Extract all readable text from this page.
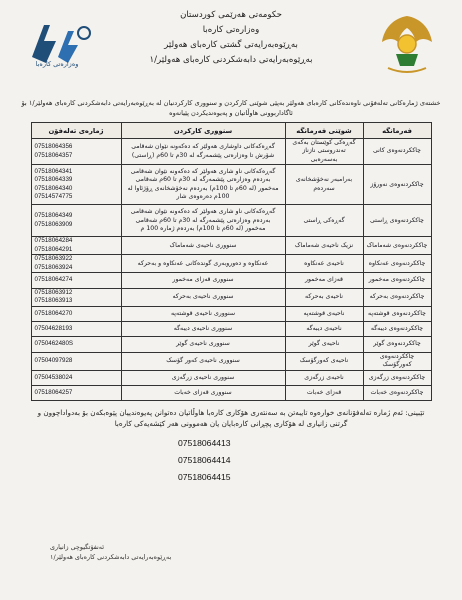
وەزارەتی کارەبا
حکومەتی هەرێمی کوردستان
وەزارەتی کارەبا
بەڕێوەبەرایەتی گشتی کارەبای هەولێر
بەڕێوەبەرایەتی دابەشکردنی کارەبای هەولێر/١
خشتەی ژمارەکانی تەلەفۆنی ناوەندەکانی کارەبای هەولێر بەپێی شوێنی کارکردن و سنووری کارکردنیان لە بەڕێوەبەرایەتی دابەشکردنی کارەبای هەولێر/١ بۆ ئاگاداربوونی هاوڵاتیان و پەیوەندیکردن پێیانەوە
فەرمانگە	شوێنی فەرمانگە	سنووری کارکردن	ژمارەی تەلەفۆن
چاککردنەوەی کانی	گەڕەکی کوێستان بەکەی تەندروستی نازناز بەسەرەبی	گەڕەکەکانی داوشاری هەولێر کە دەکەونە نێوان شەقامی شۆرش تا وەزارەتی پێشمەرگە لە 30م تا 60م (ڕاستی)	07518064356
07518064357
چاککردنەوەی نەورۆز	بەرامبەر نەخۆشخانەی سەردەم	گەڕەکەکانی ناو شاری هەولێر کە دەکەونە نێوان شەقامی بەردەم وەزارەتی پێشمەرگە لە 30م تا 60م شەقامی مەخمور (لە 60م تا 100م) بەردەم نەخۆشخانەی ڕۆژئاوا لە 100م دەرەوەی شار	07518064341
07518064339
07518064340
07514574775
چاککردنەوەی ڕاستی	گەڕەکی ڕاستی	گەڕەکەکانی ناو شاری هەولێر کە دەکەونە نێوان شەقامی بەردەم وەزارەتی پێشمەرگە لە 30م تا 60م شەقامی مەخمور (لە 60م تا 100م) بەردەم ژمارە 100 م	07518064349
07518063909
چاککردنەوەی شەماماک	نزیک ناحیەی شەماماک	سنووری ناحیەی شەماماک	07518064284
07518064291
چاککردنەوەی عەنکاوە	ناحیەی عەنکاوە	عەنکاوە و دەوروبەری گوندەکانی عەنکاوە و بەحرکە	07518063922
07518063924
چاککردنەوەی مەخمور	قەزای مەخمور	سنووری قەزای مەخمور	07518064274
چاککردنەوەی بەحرکە	ناحیەی بەحرکە	سنووری ناحیەی بەحرکە	07518063912
07518063913
چاککردنەوەی قوشتەپە	ناحیەی قوشتەپە	سنووری ناحیەی قوشتەپە	07518064270
چاککردنەوەی دیبەگە	ناحیەی دیبەگە	سنووری ناحیەی دیبەگە	07504628193
چاککردنەوەی گوێر	ناحیەی گوێر	سنووری ناحیەی گوێر	0750462480S
چاککردنەوەی کەورگۆسک	ناحیەی کەورگۆسک	سنووری ناحیەی کەور گۆسک	07504097928
چاککردنەوەی زرگەزی	ناحیەی زرگەزی	سنووری ناحیەی زرگەزی	07504538024
چاککردنەوەی خەبات	قەزای خەبات	سنووری قەزای خەبات	07518064257
تێبینی: ئەم ژمارە تەلەفۆنانەی خوارەوە تایبەتن بە سەنتەری هۆکاری کارەبا هاوڵاتیان دەتوانن پەیوەندییان پێوەبکەن بۆ بەدواداچوون و گرتنی زانیاری لە هۆکاری پچڕانی کارەبایان یان هەموونی هەر کێشەیەکی کارەبا
07518064413
07518064414
07518064415
ئەنفۆتگیوچی زانیاری
بەڕێوەبەرایەتی دابەشکردنی کارەبای هەولێر/١
